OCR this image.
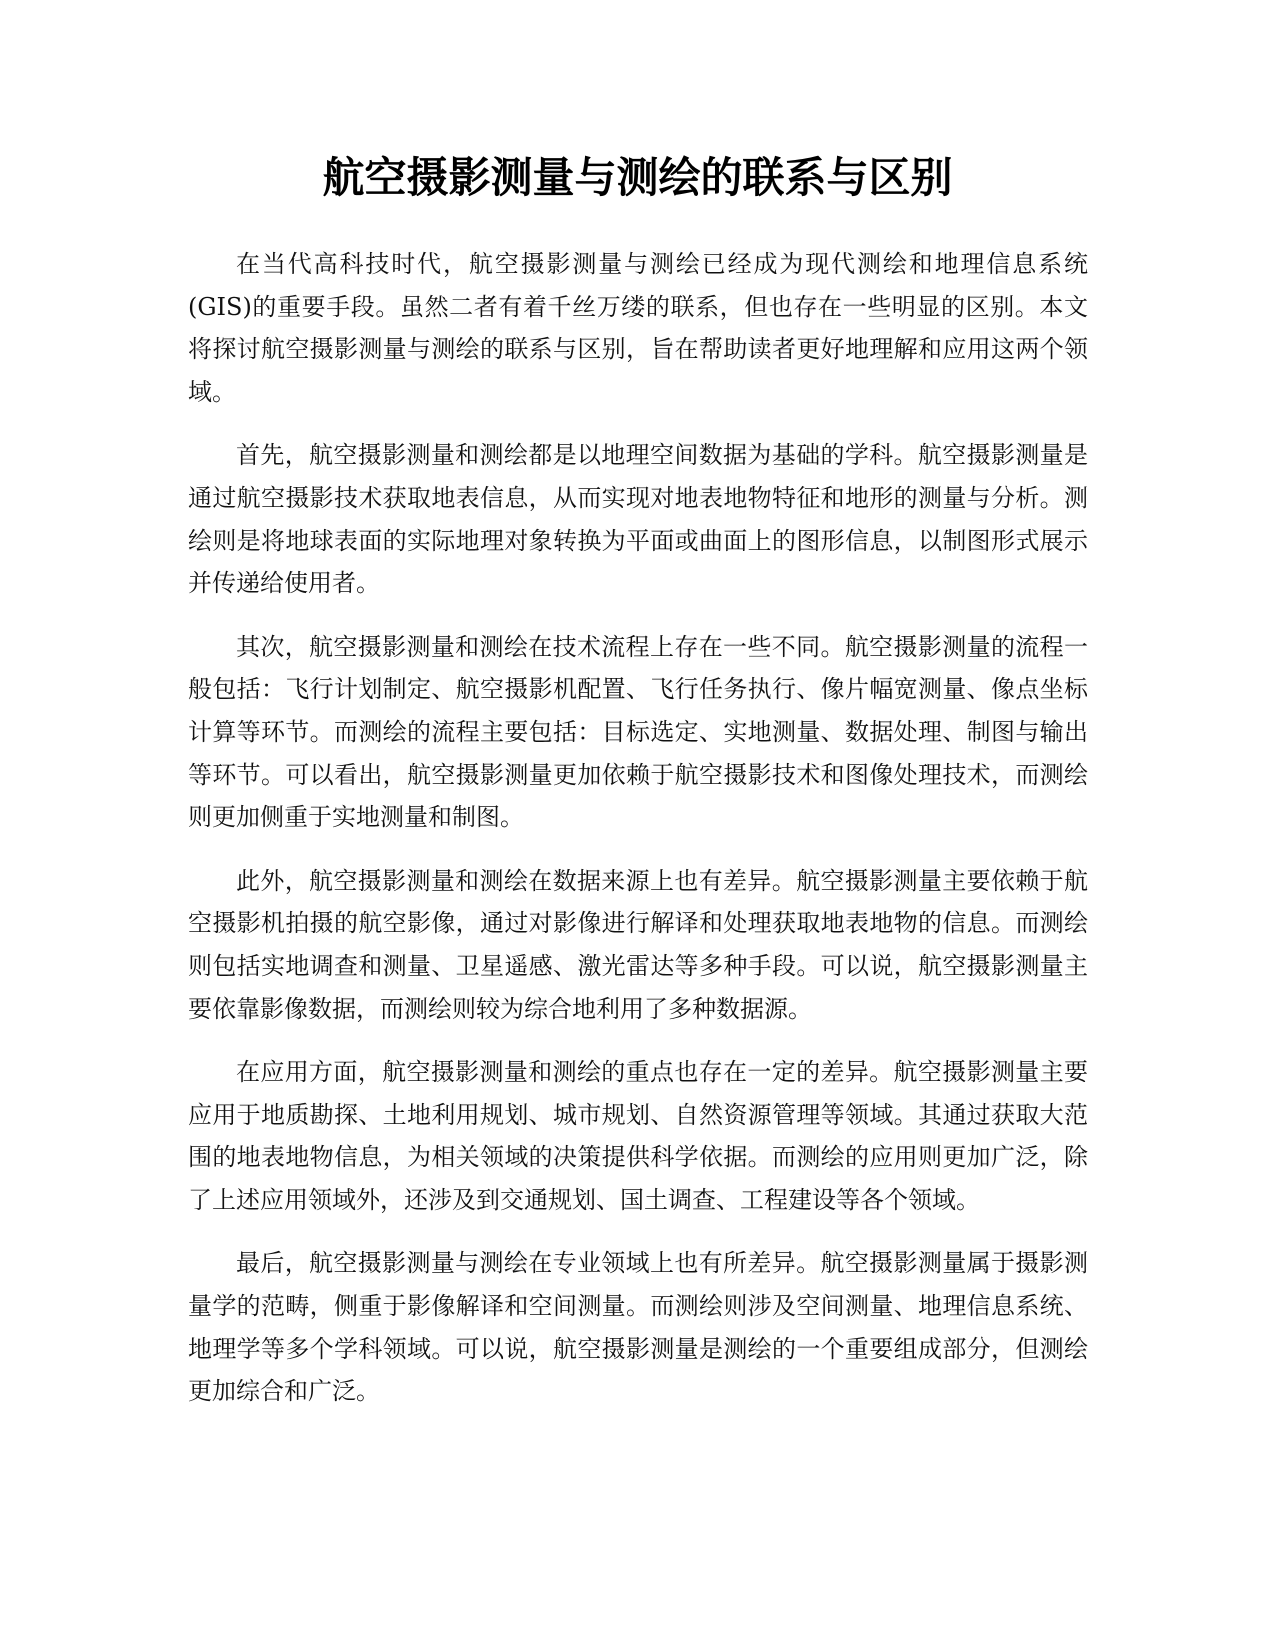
航空摄影测量与测绘的联系与区别

在当代高科技时代，航空摄影测量与测绘已经成为现代测绘和地理信息系统(GIS)的重要手段。虽然二者有着千丝万缕的联系，但也存在一些明显的区别。本文将探讨航空摄影测量与测绘的联系与区别，旨在帮助读者更好地理解和应用这两个领域。

首先，航空摄影测量和测绘都是以地理空间数据为基础的学科。航空摄影测量是通过航空摄影技术获取地表信息，从而实现对地表地物特征和地形的测量与分析。测绘则是将地球表面的实际地理对象转换为平面或曲面上的图形信息，以制图形式展示并传递给使用者。

其次，航空摄影测量和测绘在技术流程上存在一些不同。航空摄影测量的流程一般包括：飞行计划制定、航空摄影机配置、飞行任务执行、像片幅宽测量、像点坐标计算等环节。而测绘的流程主要包括：目标选定、实地测量、数据处理、制图与输出等环节。可以看出，航空摄影测量更加依赖于航空摄影技术和图像处理技术，而测绘则更加侧重于实地测量和制图。

此外，航空摄影测量和测绘在数据来源上也有差异。航空摄影测量主要依赖于航空摄影机拍摄的航空影像，通过对影像进行解译和处理获取地表地物的信息。而测绘则包括实地调查和测量、卫星遥感、激光雷达等多种手段。可以说，航空摄影测量主要依靠影像数据，而测绘则较为综合地利用了多种数据源。

在应用方面，航空摄影测量和测绘的重点也存在一定的差异。航空摄影测量主要应用于地质勘探、土地利用规划、城市规划、自然资源管理等领域。其通过获取大范围的地表地物信息，为相关领域的决策提供科学依据。而测绘的应用则更加广泛，除了上述应用领域外，还涉及到交通规划、国土调查、工程建设等各个领域。

最后，航空摄影测量与测绘在专业领域上也有所差异。航空摄影测量属于摄影测量学的范畴，侧重于影像解译和空间测量。而测绘则涉及空间测量、地理信息系统、地理学等多个学科领域。可以说，航空摄影测量是测绘的一个重要组成部分，但测绘更加综合和广泛。
